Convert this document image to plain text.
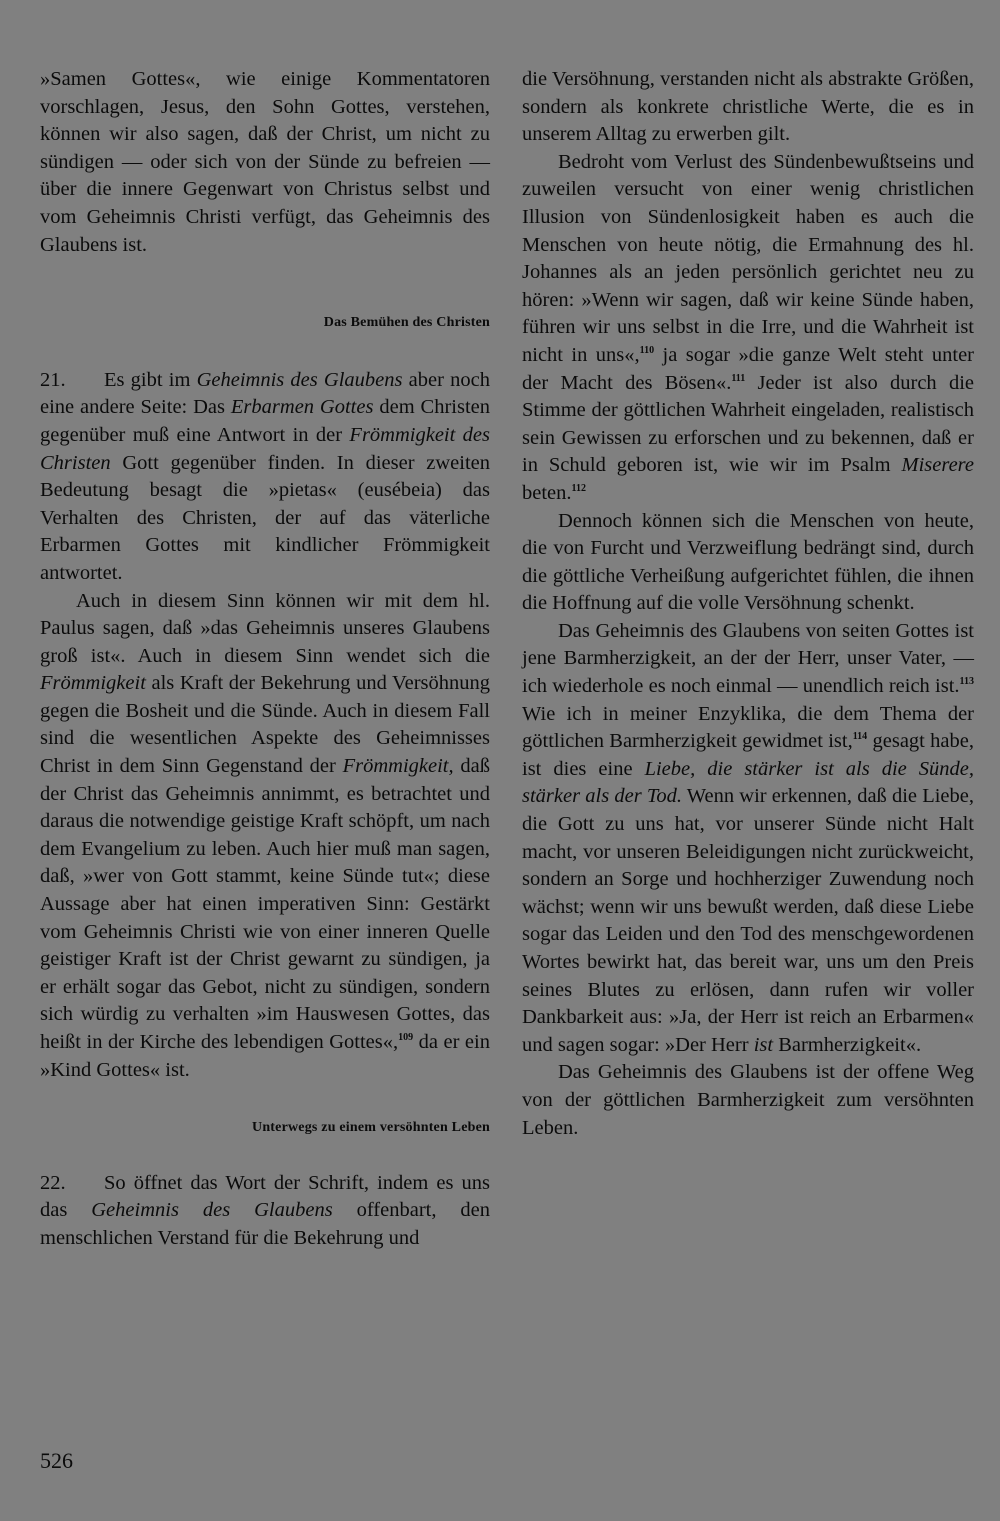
»Samen Gottes«, wie einige Kommentatoren vorschlagen, Jesus, den Sohn Gottes, verstehen, können wir also sagen, daß der Christ, um nicht zu sündigen — oder sich von der Sünde zu befreien — über die innere Gegenwart von Christus selbst und vom Geheimnis Christi verfügt, das Geheimnis des Glaubens ist.

Das Bemühen des Christen

21. Es gibt im Geheimnis des Glaubens aber noch eine andere Seite: Das Erbarmen Gottes dem Christen gegenüber muß eine Antwort in der Frömmigkeit des Christen Gott gegenüber finden. In dieser zweiten Bedeutung besagt die »pietas« (eusébeia) das Verhalten des Christen, der auf das väterliche Erbarmen Gottes mit kindlicher Frömmigkeit antwortet.

Auch in diesem Sinn können wir mit dem hl. Paulus sagen, daß »das Geheimnis unseres Glaubens groß ist«. Auch in diesem Sinn wendet sich die Frömmigkeit als Kraft der Bekehrung und Versöhnung gegen die Bosheit und die Sünde. Auch in diesem Fall sind die wesentlichen Aspekte des Geheimnisses Christ in dem Sinn Gegenstand der Frömmigkeit, daß der Christ das Geheimnis annimmt, es betrachtet und daraus die notwendige geistige Kraft schöpft, um nach dem Evangelium zu leben. Auch hier muß man sagen, daß, »wer von Gott stammt, keine Sünde tut«; diese Aussage aber hat einen imperativen Sinn: Gestärkt vom Geheimnis Christi wie von einer inneren Quelle geistiger Kraft ist der Christ gewarnt zu sündigen, ja er erhält sogar das Gebot, nicht zu sündigen, sondern sich würdig zu verhalten »im Hauswesen Gottes, das heißt in der Kirche des lebendigen Gottes«,$^{109}$ da er ein »Kind Gottes« ist.

Unterwegs zu einem versöhnten Leben

22. So öffnet das Wort der Schrift, indem es uns das Geheimnis des Glaubens offenbart, den menschlichen Verstand für die Bekehrung und

die Versöhnung, verstanden nicht als abstrakte Größen, sondern als konkrete christliche Werte, die es in unserem Alltag zu erwerben gilt.

Bedroht vom Verlust des Sündenbewußtseins und zuweilen versucht von einer wenig christlichen Illusion von Sündenlosigkeit haben es auch die Menschen von heute nötig, die Ermahnung des hl. Johannes als an jeden persönlich gerichtet neu zu hören: »Wenn wir sagen, daß wir keine Sünde haben, führen wir uns selbst in die Irre, und die Wahrheit ist nicht in uns«,$^{110}$ ja sogar »die ganze Welt steht unter der Macht des Bösen«.$^{111}$ Jeder ist also durch die Stimme der göttlichen Wahrheit eingeladen, realistisch sein Gewissen zu erforschen und zu bekennen, daß er in Schuld geboren ist, wie wir im Psalm Miserere beten.$^{112}$

Dennoch können sich die Menschen von heute, die von Furcht und Verzweiflung bedrängt sind, durch die göttliche Verheißung aufgerichtet fühlen, die ihnen die Hoffnung auf die volle Versöhnung schenkt.

Das Geheimnis des Glaubens von seiten Gottes ist jene Barmherzigkeit, an der der Herr, unser Vater, — ich wiederhole es noch einmal — unendlich reich ist.$^{113}$ Wie ich in meiner Enzyklika, die dem Thema der göttlichen Barmherzigkeit gewidmet ist,$^{114}$ gesagt habe, ist dies eine Liebe, die stärker ist als die Sünde, stärker als der Tod. Wenn wir erkennen, daß die Liebe, die Gott zu uns hat, vor unserer Sünde nicht Halt macht, vor unseren Beleidigungen nicht zurückweicht, sondern an Sorge und hochherziger Zuwendung noch wächst; wenn wir uns bewußt werden, daß diese Liebe sogar das Leiden und den Tod des menschgewordenen Wortes bewirkt hat, das bereit war, uns um den Preis seines Blutes zu erlösen, dann rufen wir voller Dankbarkeit aus: »Ja, der Herr ist reich an Erbarmen« und sagen sogar: »Der Herr ist Barmherzigkeit«.

Das Geheimnis des Glaubens ist der offene Weg von der göttlichen Barmherzigkeit zum versöhnten Leben.

526
